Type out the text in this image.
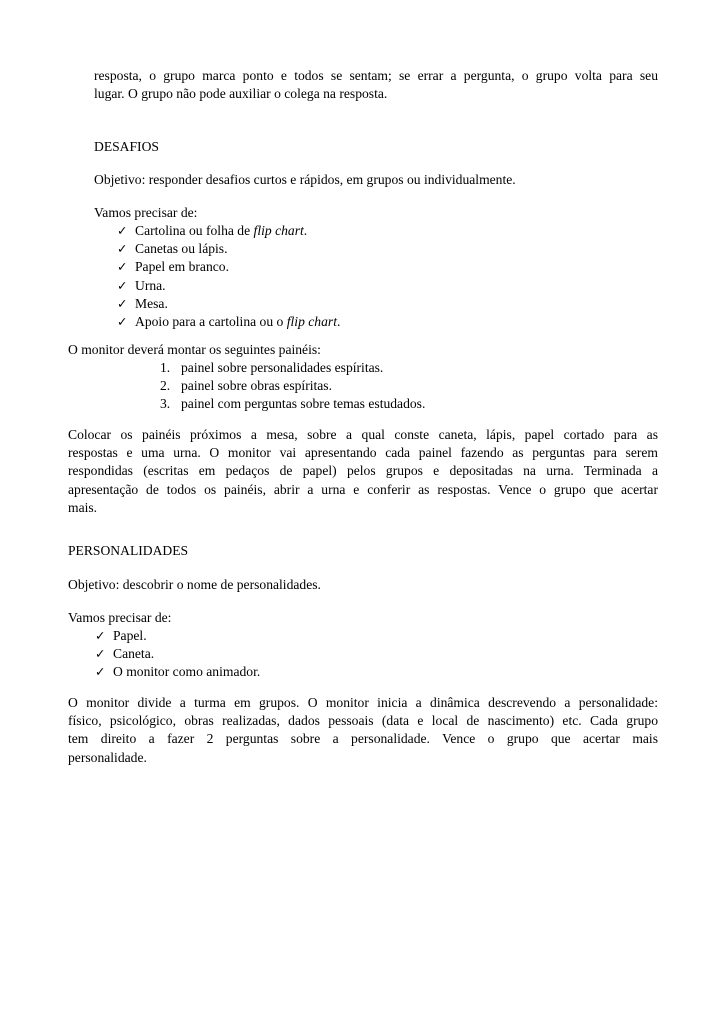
resposta, o grupo marca ponto e todos se sentam; se errar a pergunta, o grupo volta para seu
lugar. O grupo não pode auxiliar o colega na resposta.
DESAFIOS
Objetivo: responder desafios curtos e rápidos, em grupos ou individualmente.
Vamos precisar de:
✓ Cartolina ou folha de flip chart.
✓ Canetas ou lápis.
✓ Papel em branco.
✓ Urna.
✓ Mesa.
✓ Apoio para a cartolina ou o flip chart.
O monitor deverá montar os seguintes painéis:
1. painel sobre personalidades espíritas.
2. painel sobre obras espíritas.
3. painel com perguntas sobre temas estudados.
Colocar os painéis próximos a mesa, sobre a qual conste caneta, lápis, papel cortado para as
respostas e uma urna. O monitor vai apresentando cada painel fazendo as perguntas para serem
respondidas (escritas em pedaços de papel) pelos grupos e depositadas na urna. Terminada a
apresentação de todos os painéis, abrir a urna e conferir as respostas. Vence o grupo que acertar
mais.
PERSONALIDADES
Objetivo: descobrir o nome de personalidades.
Vamos precisar de:
✓ Papel.
✓ Caneta.
✓ O monitor como animador.
O monitor divide a turma em grupos. O monitor inicia a dinâmica descrevendo a personalidade:
físico, psicológico, obras realizadas, dados pessoais (data e local de nascimento) etc. Cada grupo
tem direito a fazer 2 perguntas sobre a personalidade. Vence o grupo que acertar mais
personalidade.
